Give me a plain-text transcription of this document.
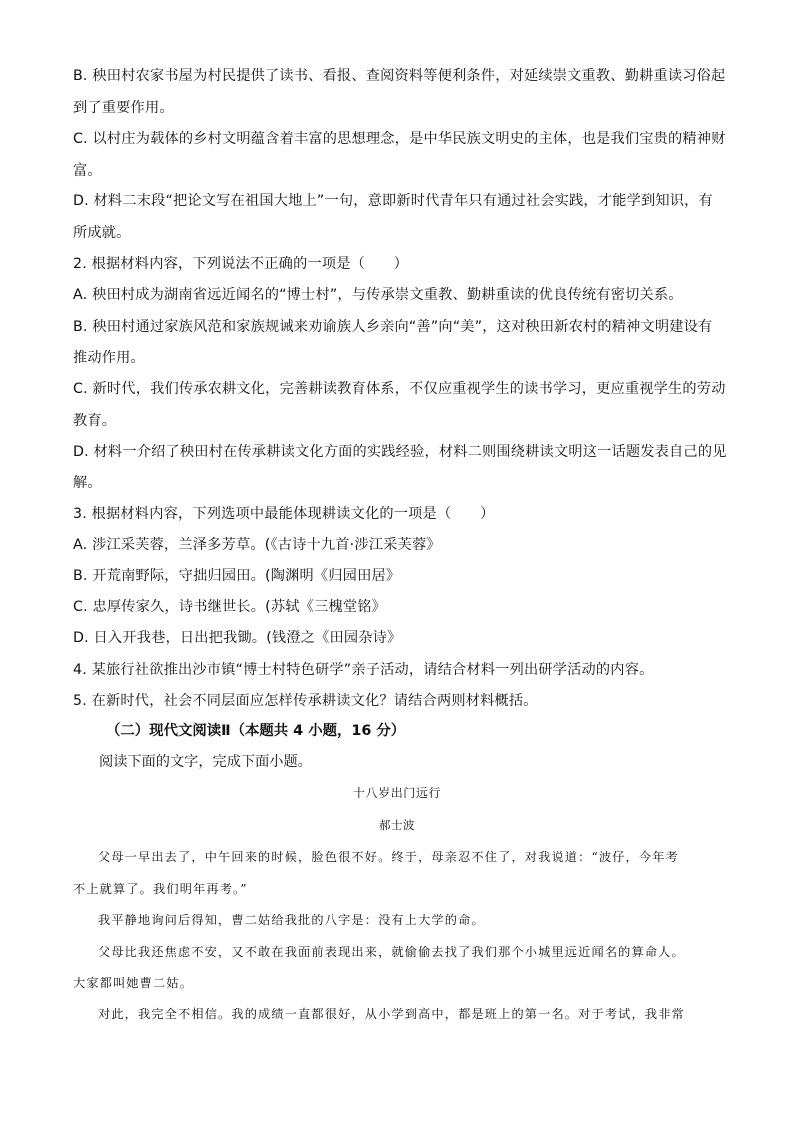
B. 秧田村农家书屋为村民提供了读书、看报、查阅资料等便利条件，对延续崇文重教、勤耕重读习俗起
到了重要作用。
C. 以村庄为载体的乡村文明蕴含着丰富的思想理念，是中华民族文明史的主体，也是我们宝贵的精神财
富。
D. 材料二末段“把论文写在祖国大地上”一句，意即新时代青年只有通过社会实践，才能学到知识，有
所成就。
2. 根据材料内容，下列说法不正确的一项是（　　）
A. 秧田村成为湖南省远近闻名的“博士村”，与传承崇文重教、勤耕重读的优良传统有密切关系。
B. 秧田村通过家族风范和家族规诫来劝谕族人乡亲向“善”向“美”，这对秧田新农村的精神文明建设有
推动作用。
C. 新时代，我们传承农耕文化，完善耕读教育体系，不仅应重视学生的读书学习，更应重视学生的劳动
教育。
D. 材料一介绍了秧田村在传承耕读文化方面的实践经验，材料二则围绕耕读文明这一话题发表自己的见
解。
3. 根据材料内容，下列选项中最能体现耕读文化的一项是（　　）
A. 涉江采芙蓉，兰泽多芳草。(《古诗十九首·涉江采芙蓉》
B. 开荒南野际，守拙归园田。(陶渊明《归园田居》
C. 忠厚传家久，诗书继世长。(苏轼《三槐堂铭》
D. 日入开我巷，日出把我锄。(钱澄之《田园杂诗》
4. 某旅行社欲推出沙市镇“博士村特色研学”亲子活动，请结合材料一列出研学活动的内容。
5. 在新时代，社会不同层面应怎样传承耕读文化？请结合两则材料概括。
（二）现代文阅读Ⅱ（本题共 4 小题，16 分）
阅读下面的文字，完成下面小题。
十八岁出门远行
郝士波
父母一早出去了，中午回来的时候，脸色很不好。终于，母亲忍不住了，对我说道：“波仔，今年考
不上就算了。我们明年再考。”
我平静地询问后得知，曹二姑给我批的八字是：没有上大学的命。
父母比我还焦虑不安，又不敢在我面前表现出来，就偷偷去找了我们那个小城里远近闻名的算命人。
大家都叫她曹二姑。
对此，我完全不相信。我的成绩一直都很好，从小学到高中，都是班上的第一名。对于考试，我非常
